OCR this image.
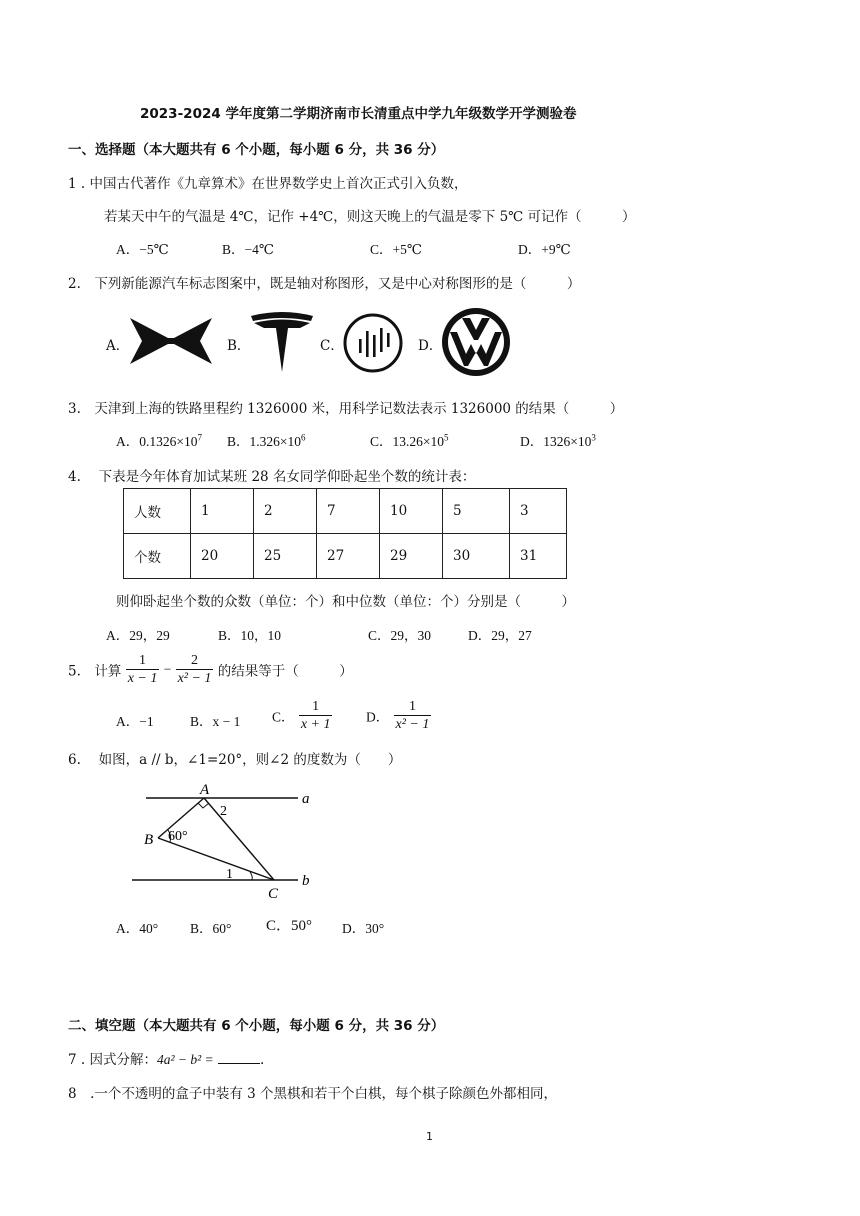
2023-2024 学年度第二学期济南市长清重点中学九年级数学开学测验卷
一、选择题（本大题共有 6 个小题，每小题 6 分，共 36 分）
1 . 中国古代著作《九章算术》在世界数学史上首次正式引入负数，
若某天中午的气温是 4℃，记作 +4℃，则这天晚上的气温是零下 5℃ 可记作（　　　）
A．−5℃	B．−4℃	C．+5℃	D．+9℃
2.　下列新能源汽车标志图案中，既是轴对称图形，又是中心对称图形的是（　　　）
A．	B．	C．	D．
3.　天津到上海的铁路里程约 1326000 米，用科学记数法表示 1326000 的结果（　　　）
A．$0.1326\times 10^7$ B．$1.326\times 10^6$	C．$13.26\times 10^5$	D．$1326\times 10^3$
4.　 下表是今年体育加试某班 28 名女同学仰卧起坐个数的统计表：
人数	1	2	7	10	5	3
个数	20	25	27	29	30	31
则仰卧起坐个数的众数（单位：个）和中位数（单位：个）分别是（　　　）
A．29，29	B．10，10	C．29，30	D．29，27
5.　计算 $\frac{1}{x - 1} - \frac{2}{\text{x² − 1}}$ 的结果等于（　　　）
A．−1	B．x − 1 C． $\frac{1}{x + 1}$ D． $\frac{1}{\text{x² − 1}}$
6.　 如图，a // b，∠1=20°，则∠2 的度数为（　　）
A
2
a
B 60°
1
C
b
A．40° B．60° C．50° D．30°
二、填空题（本大题共有 6 个小题，每小题 6 分，共 36 分）
7 . 因式分解：4a² − b² =	.
8　.一个不透明的盒子中装有 3 个黑棋和若干个白棋，每个棋子除颜色外都相同，
1
